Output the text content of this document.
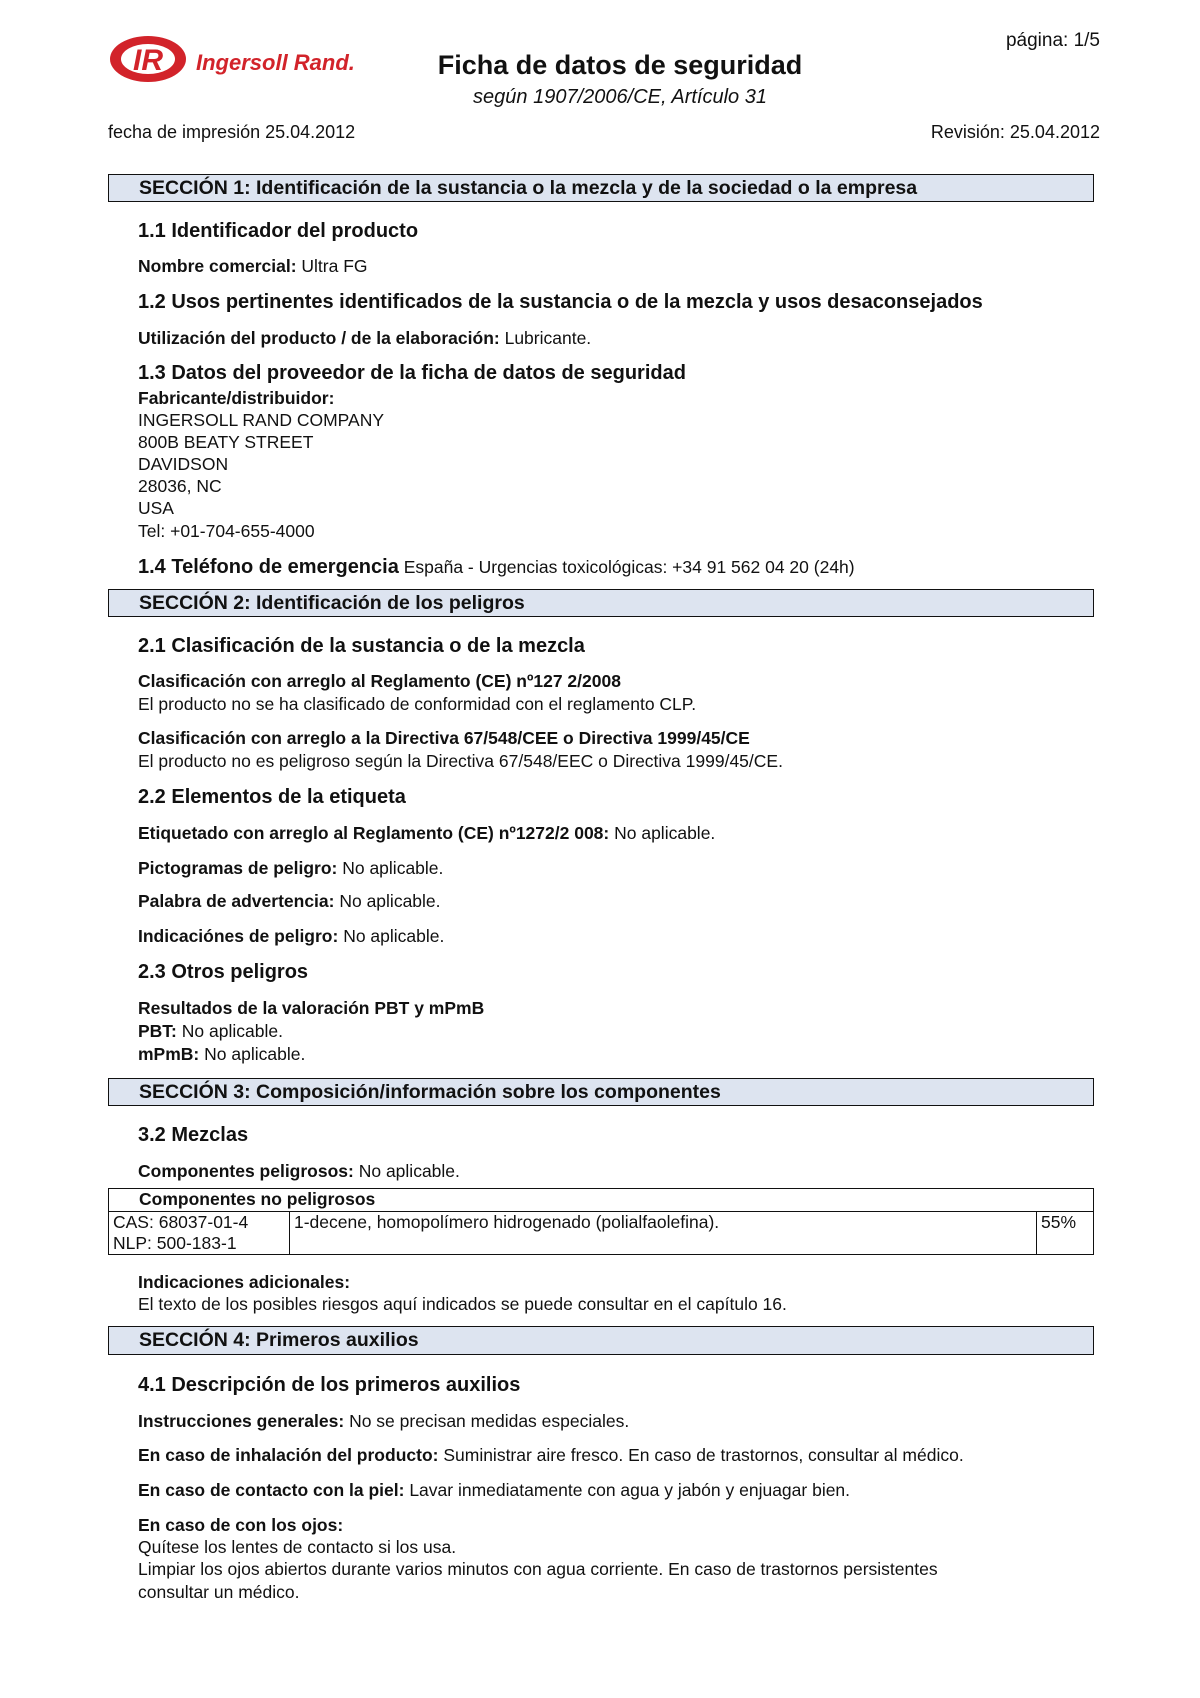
página: 1/5
IR Ingersoll Rand.	Ficha de datos de seguridad
según 1907/2006/CE, Artículo 31
fecha de impresión 25.04.2012	Revisión: 25.04.2012
SECCIÓN 1: Identificación de la sustancia o la mezcla y de la sociedad o la empresa
1.1 Identificador del producto
Nombre comercial: Ultra FG
1.2 Usos pertinentes identificados de la sustancia o de la mezcla y usos desaconsejados
Utilización del producto / de la elaboración: Lubricante.
1.3 Datos del proveedor de la ficha de datos de seguridad
Fabricante/distribuidor:
INGERSOLL RAND COMPANY
800B BEATY STREET
DAVIDSON
28036, NC
USA
Tel: +01-704-655-4000
1.4 Teléfono de emergencia España - Urgencias toxicológicas: +34 91 562 04 20 (24h)
SECCIÓN 2: Identificación de los peligros
2.1 Clasificación de la sustancia o de la mezcla
Clasificación con arreglo al Reglamento (CE) nº127 2/2008
El producto no se ha clasificado de conformidad con el reglamento CLP.
Clasificación con arreglo a la Directiva 67/548/CEE o Directiva 1999/45/CE
El producto no es peligroso según la Directiva 67/548/EEC o Directiva 1999/45/CE.
2.2 Elementos de la etiqueta
Etiquetado con arreglo al Reglamento (CE) nº1272/2 008: No aplicable.
Pictogramas de peligro: No aplicable.
Palabra de advertencia: No aplicable.
Indicaciónes de peligro: No aplicable.
2.3 Otros peligros
Resultados de la valoración PBT y mPmB
PBT: No aplicable.
mPmB: No aplicable.
SECCIÓN 3: Composición/información sobre los componentes
3.2 Mezclas
Componentes peligrosos: No aplicable.
Componentes no peligrosos

CAS: 68037-01-4
NLP: 500-183-1
	1-decene, homopolímero hidrogenado (polialfaolefina).	55%
Indicaciones adicionales:
El texto de los posibles riesgos aquí indicados se puede consultar en el capítulo 16.
SECCIÓN 4: Primeros auxilios
4.1 Descripción de los primeros auxilios
Instrucciones generales: No se precisan medidas especiales.
En caso de inhalación del producto: Suministrar aire fresco. En caso de trastornos, consultar al médico.
En caso de contacto con la piel: Lavar inmediatamente con agua y jabón y enjuagar bien.
En caso de con los ojos:
Quítese los lentes de contacto si los usa.
Limpiar los ojos abiertos durante varios minutos con agua corriente. En caso de trastornos persistentes
consultar un médico.
